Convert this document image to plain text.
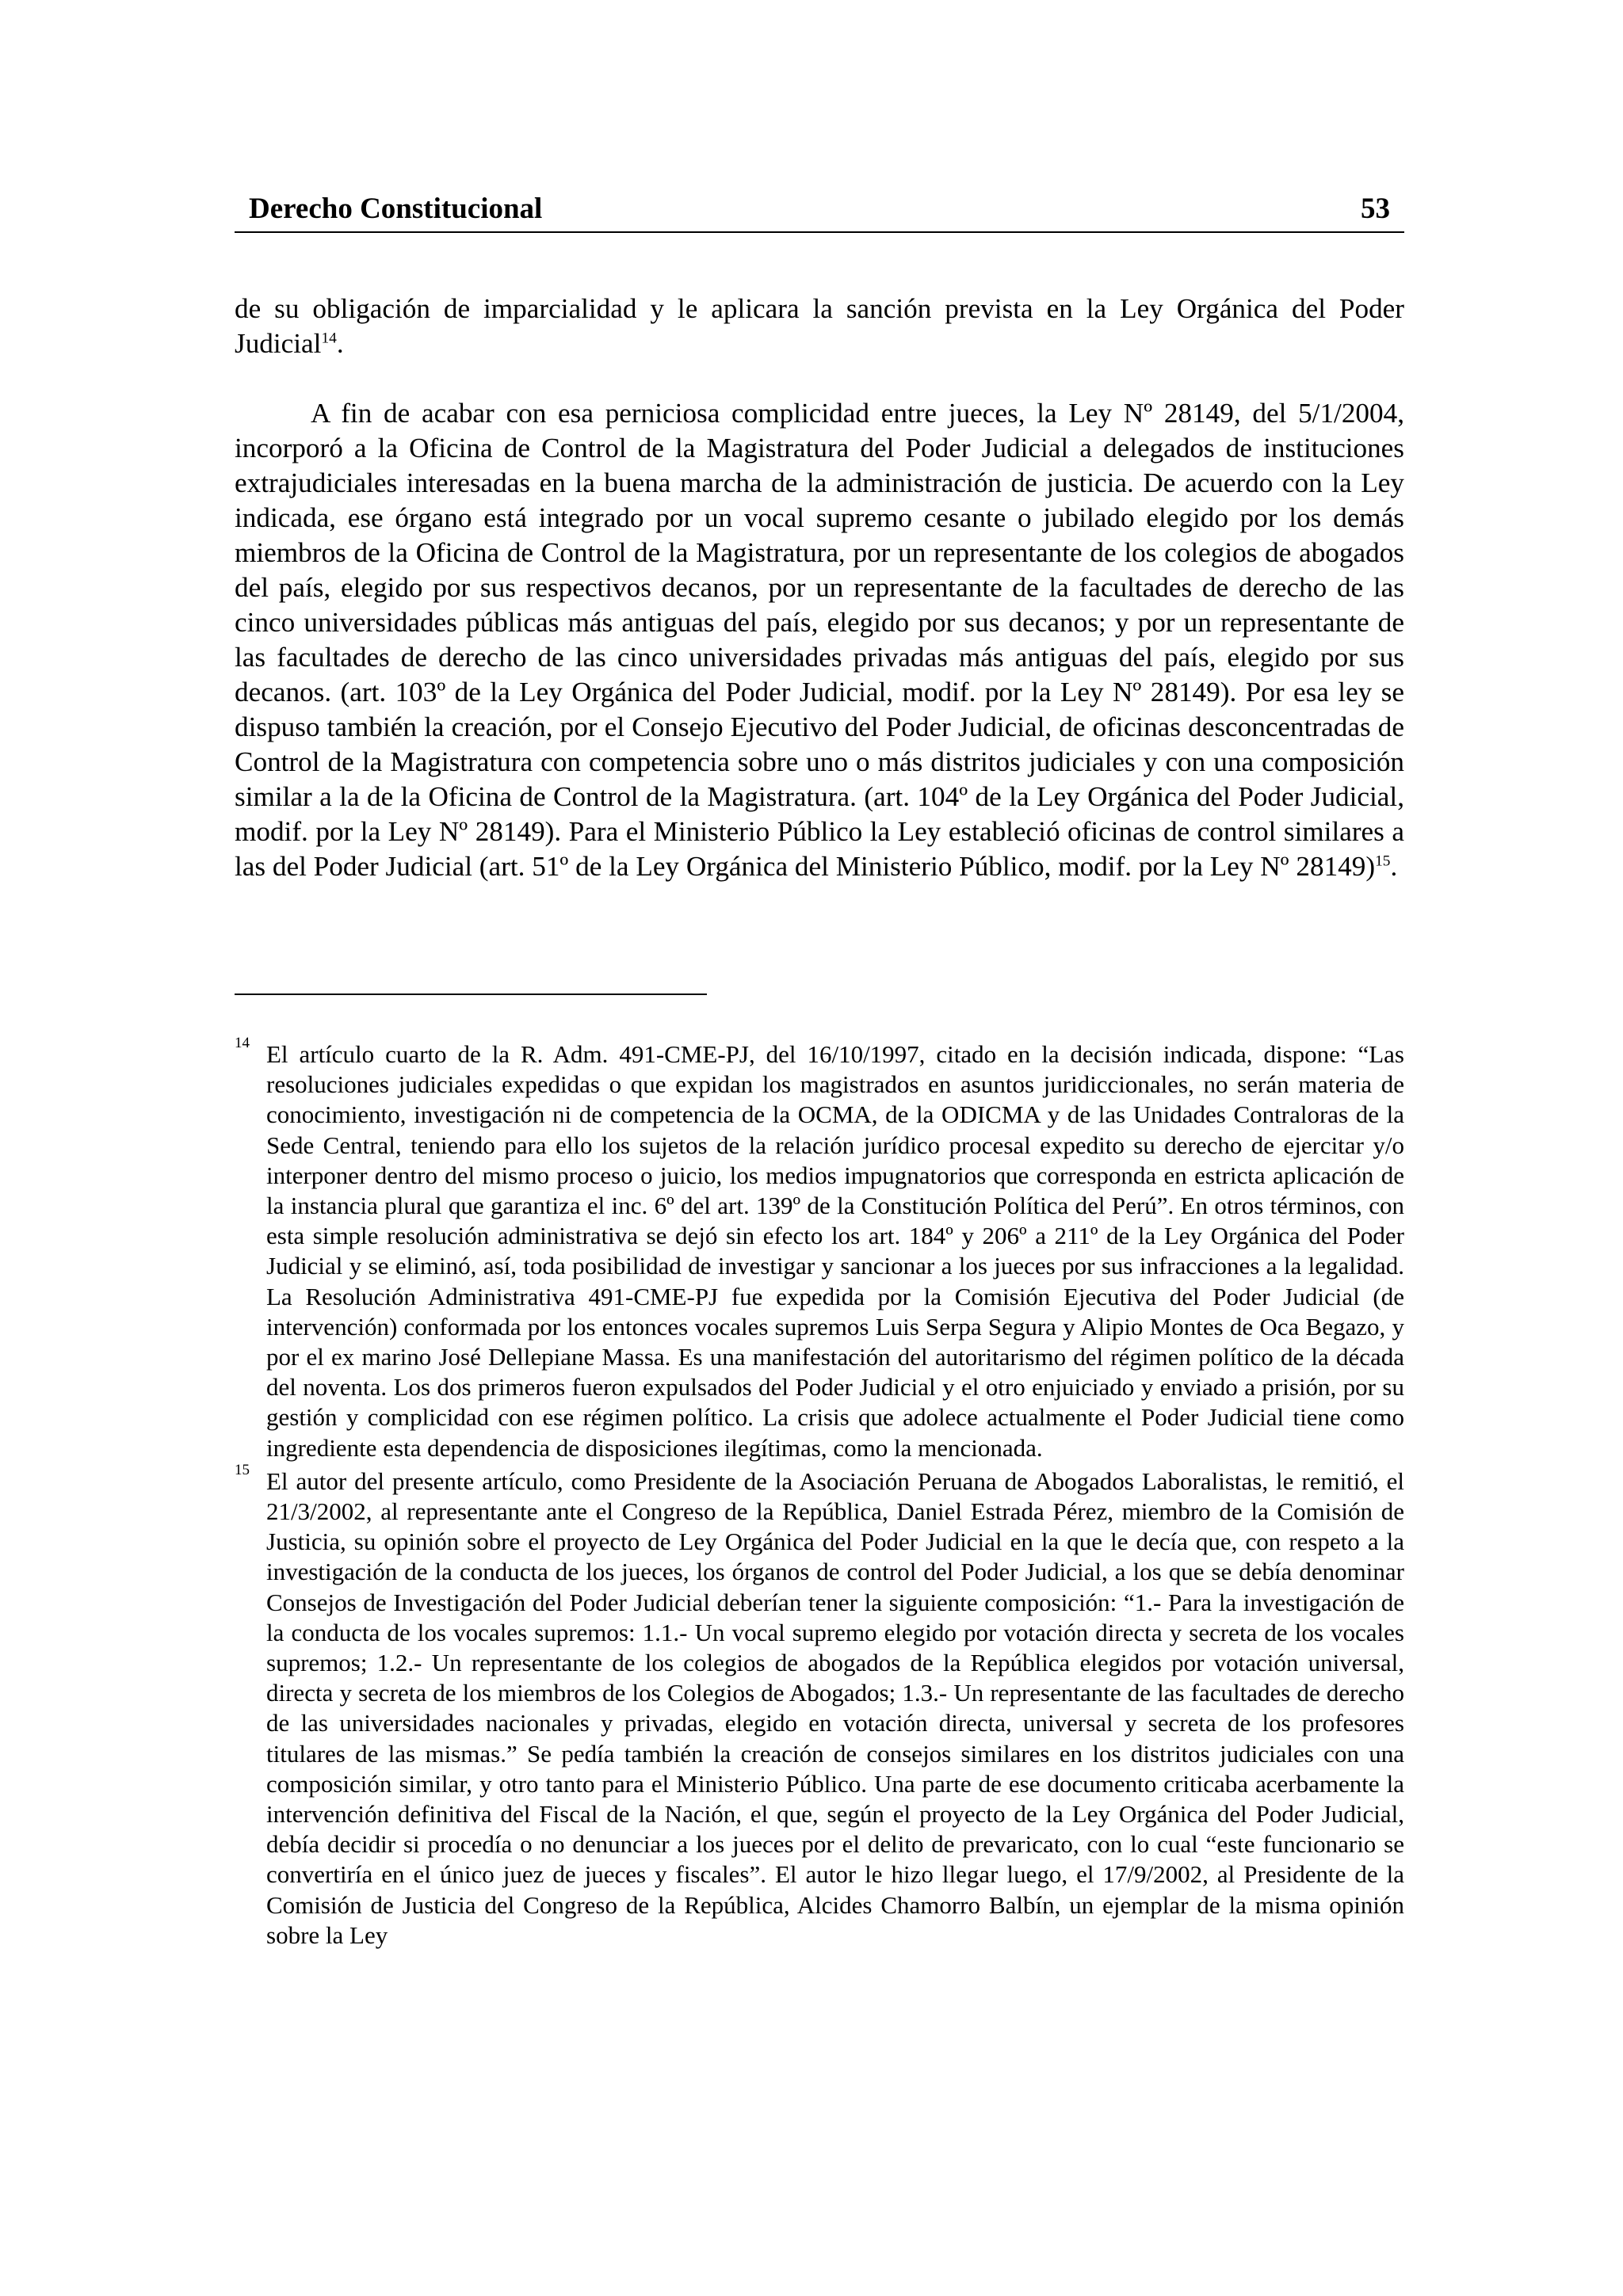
Derecho Constitucional	53

de su obligación de imparcialidad y le aplicara la sanción prevista en la Ley Orgánica del Poder Judicial$^{14}$.

A fin de acabar con esa perniciosa complicidad entre jueces, la Ley Nº 28149, del 5/1/2004, incorporó a la Oficina de Control de la Magistratura del Poder Judicial a delegados de instituciones extrajudiciales interesadas en la buena marcha de la administración de justicia. De acuerdo con la Ley indicada, ese órgano está integrado por un vocal supremo cesante o jubilado elegido por los demás miembros de la Oficina de Control de la Magistratura, por un representante de los colegios de abogados del país, elegido por sus respectivos decanos, por un representante de la facultades de derecho de las cinco universidades públicas más antiguas del país, elegido por sus decanos; y por un representante de las facultades de derecho de las cinco universidades privadas más antiguas del país, elegido por sus decanos. (art. 103º de la Ley Orgánica del Poder Judicial, modif. por la Ley Nº 28149). Por esa ley se dispuso también la creación, por el Consejo Ejecutivo del Poder Judicial, de oficinas desconcentradas de Control de la Magistratura con competencia sobre uno o más distritos judiciales y con una composición similar a la de la Oficina de Control de la Magistratura. (art. 104º de la Ley Orgánica del Poder Judicial, modif. por la Ley Nº 28149). Para el Ministerio Público la Ley estableció oficinas de control similares a las del Poder Judicial (art. 51º de la Ley Orgánica del Ministerio Público, modif. por la Ley Nº 28149)$^{15}$.

14 El artículo cuarto de la R. Adm. 491-CME-PJ, del 16/10/1997, citado en la decisión indicada, dispone: “Las resoluciones judiciales expedidas o que expidan los magistrados en asuntos juridiccionales, no serán materia de conocimiento, investigación ni de competencia de la OCMA, de la ODICMA y de las Unidades Contraloras de la Sede Central, teniendo para ello los sujetos de la relación jurídico procesal expedito su derecho de ejercitar y/o interponer dentro del mismo proceso o juicio, los medios impugnatorios que corresponda en estricta aplicación de la instancia plural que garantiza el inc. 6º del art. 139º de la Constitución Política del Perú”. En otros términos, con esta simple resolución administrativa se dejó sin efecto los art. 184º y 206º a 211º de la Ley Orgánica del Poder Judicial y se eliminó, así, toda posibilidad de investigar y sancionar a los jueces por sus infracciones a la legalidad. La Resolución Administrativa 491-CME-PJ fue expedida por la Comisión Ejecutiva del Poder Judicial (de intervención) conformada por los entonces vocales supremos Luis Serpa Segura y Alipio Montes de Oca Begazo, y por el ex marino José Dellepiane Massa. Es una manifestación del autoritarismo del régimen político de la década del noventa. Los dos primeros fueron expulsados del Poder Judicial y el otro enjuiciado y enviado a prisión, por su gestión y complicidad con ese régimen político. La crisis que adolece actualmente el Poder Judicial tiene como ingrediente esta dependencia de disposiciones ilegítimas, como la mencionada.
15 El autor del presente artículo, como Presidente de la Asociación Peruana de Abogados Laboralistas, le remitió, el 21/3/2002, al representante ante el Congreso de la República, Daniel Estrada Pérez, miembro de la Comisión de Justicia, su opinión sobre el proyecto de Ley Orgánica del Poder Judicial en la que le decía que, con respeto a la investigación de la conducta de los jueces, los órganos de control del Poder Judicial, a los que se debía denominar Consejos de Investigación del Poder Judicial deberían tener la siguiente composición: “1.- Para la investigación de la conducta de los vocales supremos: 1.1.- Un vocal supremo elegido por votación directa y secreta de los vocales supremos; 1.2.- Un representante de los colegios de abogados de la República elegidos por votación universal, directa y secreta de los miembros de los Colegios de Abogados; 1.3.- Un representante de las facultades de derecho de las universidades nacionales y privadas, elegido en votación directa, universal y secreta de los profesores titulares de las mismas.” Se pedía también la creación de consejos similares en los distritos judiciales con una composición similar, y otro tanto para el Ministerio Público. Una parte de ese documento criticaba acerbamente la intervención definitiva del Fiscal de la Nación, el que, según el proyecto de la Ley Orgánica del Poder Judicial, debía decidir si procedía o no denunciar a los jueces por el delito de prevaricato, con lo cual “este funcionario se convertiría en el único juez de jueces y fiscales”. El autor le hizo llegar luego, el 17/9/2002, al Presidente de la Comisión de Justicia del Congreso de la República, Alcides Chamorro Balbín, un ejemplar de la misma opinión sobre la Ley
